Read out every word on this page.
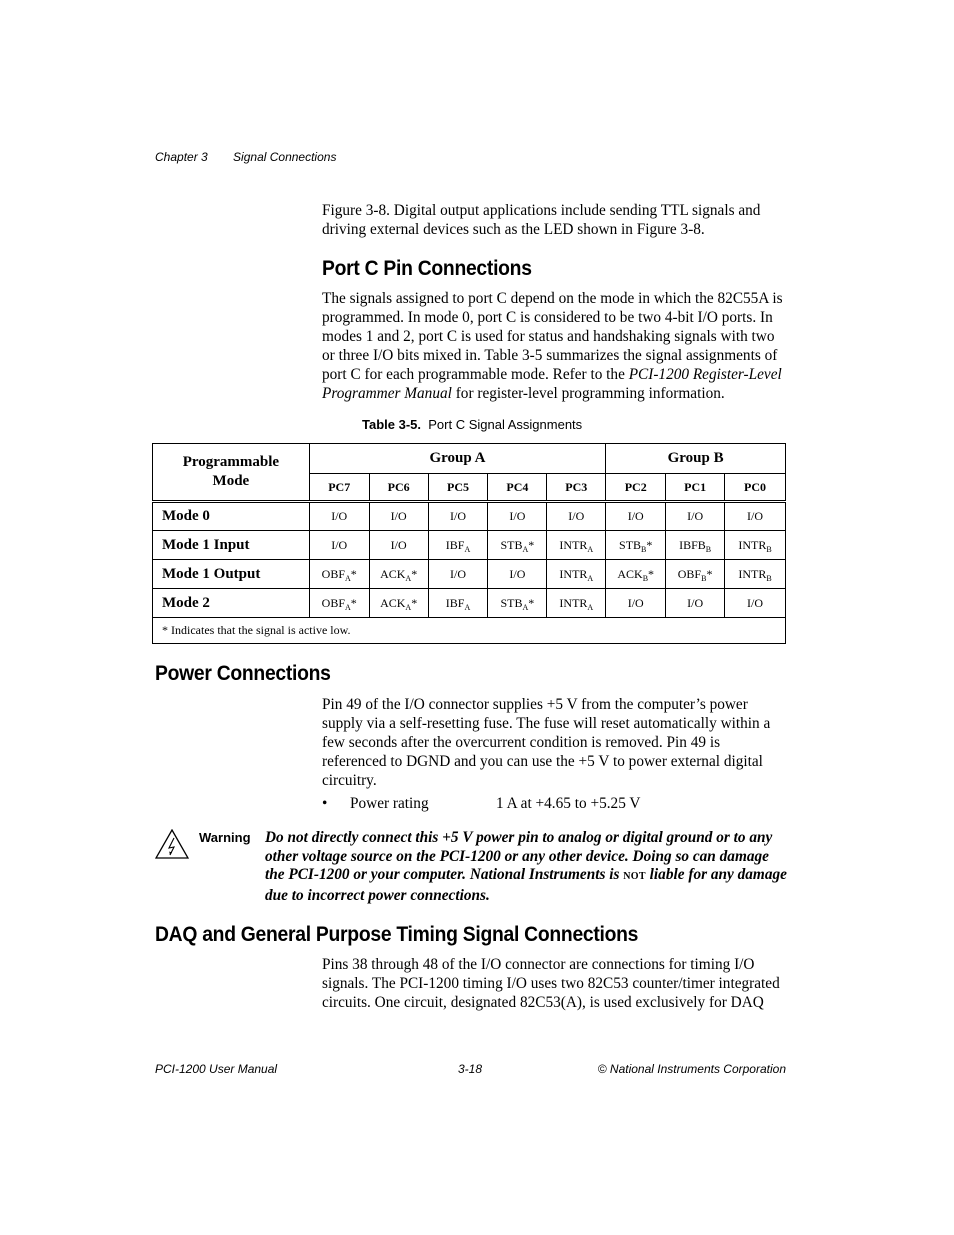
Chapter 3 Signal Connections

Figure 3-8. Digital output applications include sending TTL signals and driving external devices such as the LED shown in Figure 3-8.

Port C Pin Connections

The signals assigned to port C depend on the mode in which the 82C55A is programmed. In mode 0, port C is considered to be two 4-bit I/O ports. In modes 1 and 2, port C is used for status and handshaking signals with two or three I/O bits mixed in. Table 3-5 summarizes the signal assignments of port C for each programmable mode. Refer to the PCI-1200 Register-Level Programmer Manual for register-level programming information.

Table 3-5. Port C Signal Assignments
Programmable
Mode	Group A					Group B		
	PC7	PC6	PC5	PC4	PC3	PC2	PC1	PC0
Mode 0	I/O	I/O	I/O	I/O	I/O	I/O	I/O	I/O
Mode 1 Input	I/O	I/O	$IBF_A$	$STB_A*$	$INTR_A$	$STB_B*$	$IBFB_B$	$INTR_B$
Mode 1 Output	$OBF_A*$	$ACK_A*$	I/O	I/O	$INTR_A$	$ACK_B*$	$OBF_B*$	$INTR_B$
Mode 2	$OBF_A*$	$ACK_A*$	$IBF_A$	$STB_A*$	$INTR_A$	I/O	I/O	I/O
* Indicates that the signal is active low.								
Power Connections

Pin 49 of the I/O connector supplies +5 V from the computer’s power supply via a self-resetting fuse. The fuse will reset automatically within a few seconds after the overcurrent condition is removed. Pin 49 is referenced to DGND and you can use the +5 V to power external digital circuitry.

• Power rating	1 A at +4.65 to +5.25 V
Warning Do not directly connect this +5 V power pin to analog or digital ground or to any other voltage source on the PCI-1200 or any other device. Doing so can damage the PCI-1200 or your computer. National Instruments is NOT liable for any damage due to incorrect power connections.

DAQ and General Purpose Timing Signal Connections

Pins 38 through 48 of the I/O connector are connections for timing I/O signals. The PCI-1200 timing I/O uses two 82C53 counter/timer integrated circuits. One circuit, designated 82C53(A), is used exclusively for DAQ

PCI-1200 User Manual	3-18	© National Instruments Corporation
